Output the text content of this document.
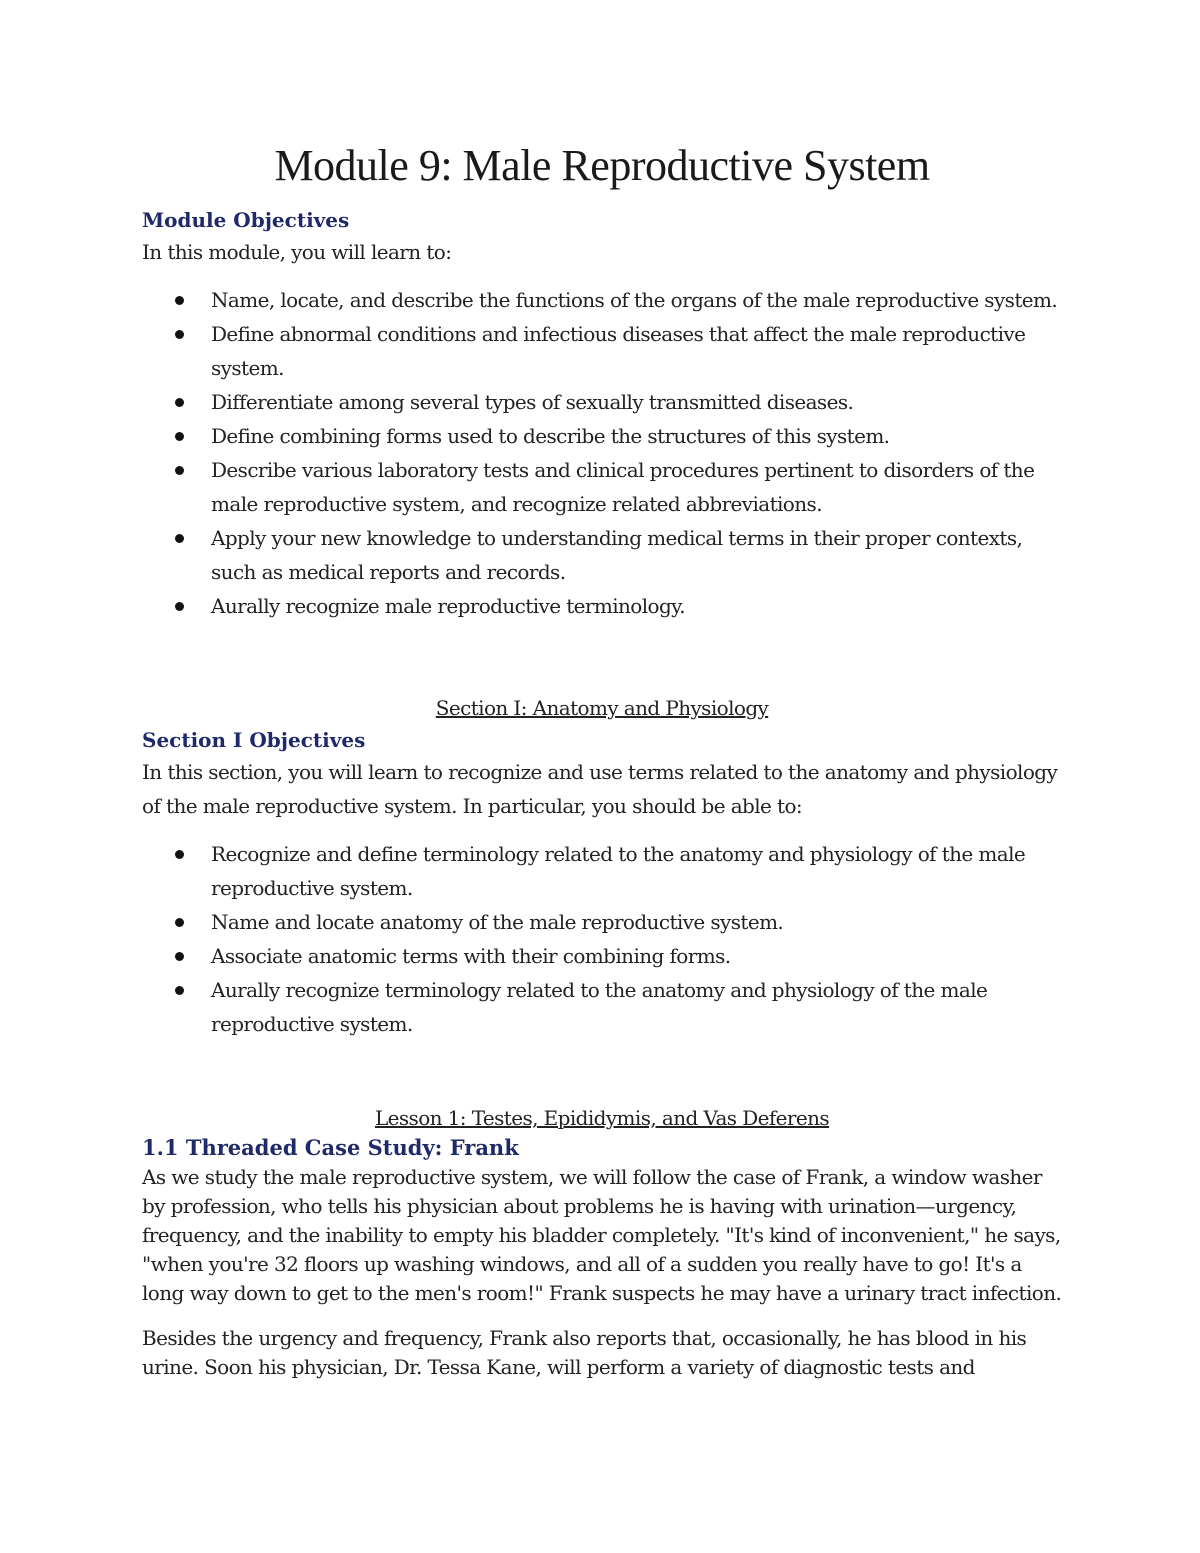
Module 9: Male Reproductive System
Module Objectives

In this module, you will learn to:

Name, locate, and describe the functions of the organs of the male reproductive system.
Define abnormal conditions and infectious diseases that affect the male reproductive system.
Differentiate among several types of sexually transmitted diseases.
Define combining forms used to describe the structures of this system.
Describe various laboratory tests and clinical procedures pertinent to disorders of the male reproductive system, and recognize related abbreviations.
Apply your new knowledge to understanding medical terms in their proper contexts, such as medical reports and records.
Aurally recognize male reproductive terminology.

Section I: Anatomy and Physiology

Section I Objectives

In this section, you will learn to recognize and use terms related to the anatomy and physiology of the male reproductive system. In particular, you should be able to:

Recognize and define terminology related to the anatomy and physiology of the male reproductive system.
Name and locate anatomy of the male reproductive system.
Associate anatomic terms with their combining forms.
Aurally recognize terminology related to the anatomy and physiology of the male reproductive system.

Lesson 1: Testes, Epididymis, and Vas Deferens

1.1 Threaded Case Study: Frank

As we study the male reproductive system, we will follow the case of Frank, a window washer by profession, who tells his physician about problems he is having with urination—urgency, frequency, and the inability to empty his bladder completely. "It's kind of inconvenient," he says, "when you're 32 floors up washing windows, and all of a sudden you really have to go! It's a long way down to get to the men's room!" Frank suspects he may have a urinary tract infection.

Besides the urgency and frequency, Frank also reports that, occasionally, he has blood in his urine. Soon his physician, Dr. Tessa Kane, will perform a variety of diagnostic tests and
